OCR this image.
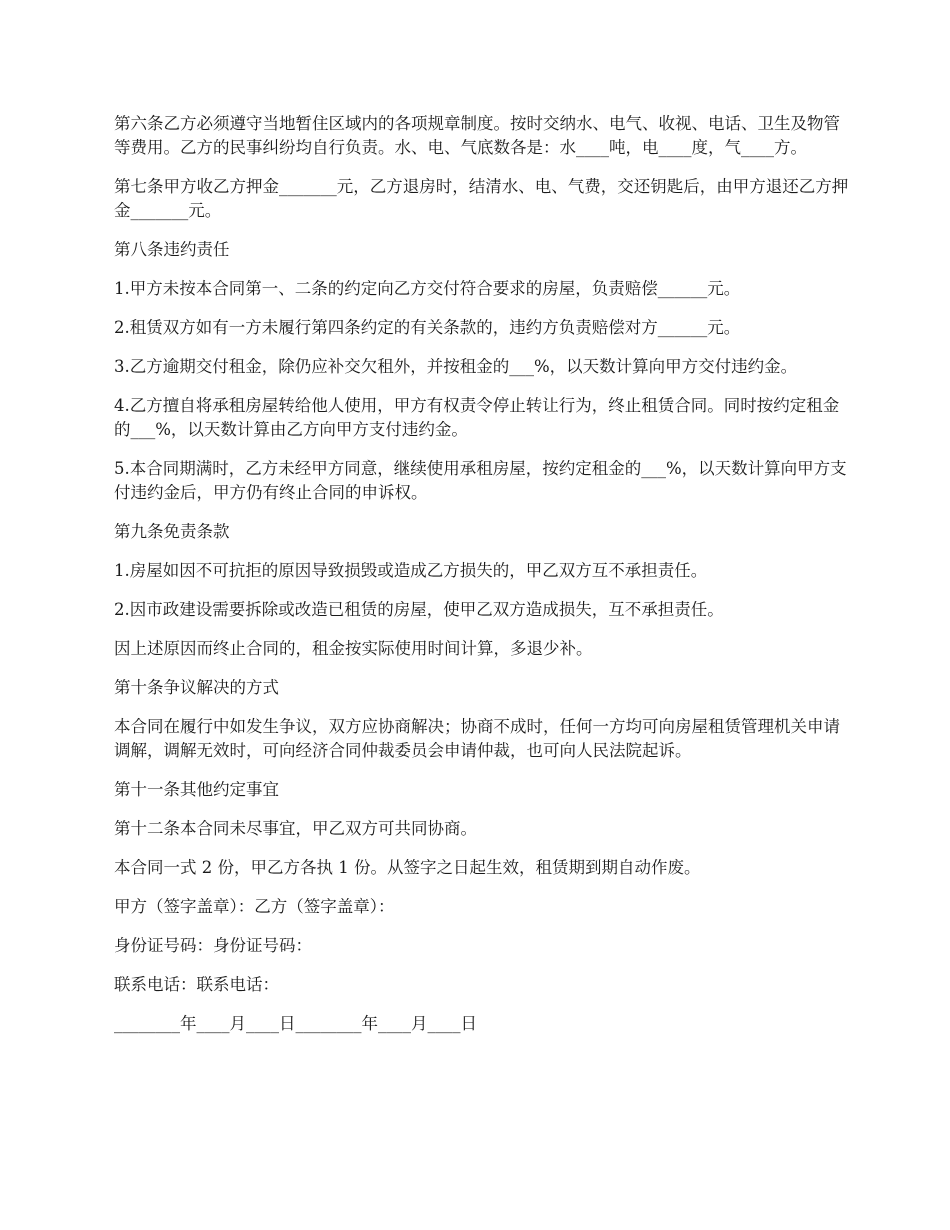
第六条乙方必须遵守当地暂住区域内的各项规章制度。按时交纳水、电气、收视、电话、卫生及物管等费用。乙方的民事纠纷均自行负责。水、电、气底数各是：水____吨，电____度，气____方。

第七条甲方收乙方押金_______元，乙方退房时，结清水、电、气费，交还钥匙后，由甲方退还乙方押金_______元。

第八条违约责任

1.甲方未按本合同第一、二条的约定向乙方交付符合要求的房屋，负责赔偿______元。

2.租赁双方如有一方未履行第四条约定的有关条款的，违约方负责赔偿对方______元。

3.乙方逾期交付租金，除仍应补交欠租外，并按租金的___%，以天数计算向甲方交付违约金。

4.乙方擅自将承租房屋转给他人使用，甲方有权责令停止转让行为，终止租赁合同。同时按约定租金的___%，以天数计算由乙方向甲方支付违约金。

5.本合同期满时，乙方未经甲方同意，继续使用承租房屋，按约定租金的___%，以天数计算向甲方支付违约金后，甲方仍有终止合同的申诉权。

第九条免责条款

1.房屋如因不可抗拒的原因导致损毁或造成乙方损失的，甲乙双方互不承担责任。

2.因市政建设需要拆除或改造已租赁的房屋，使甲乙双方造成损失，互不承担责任。

因上述原因而终止合同的，租金按实际使用时间计算，多退少补。

第十条争议解决的方式

本合同在履行中如发生争议，双方应协商解决；协商不成时，任何一方均可向房屋租赁管理机关申请调解，调解无效时，可向经济合同仲裁委员会申请仲裁，也可向人民法院起诉。

第十一条其他约定事宜

第十二条本合同未尽事宜，甲乙双方可共同协商。

本合同一式 2 份，甲乙方各执 1 份。从签字之日起生效，租赁期到期自动作废。

甲方（签字盖章）：乙方（签字盖章）：

身份证号码：身份证号码：

联系电话：联系电话：

________年____月____日________年____月____日
